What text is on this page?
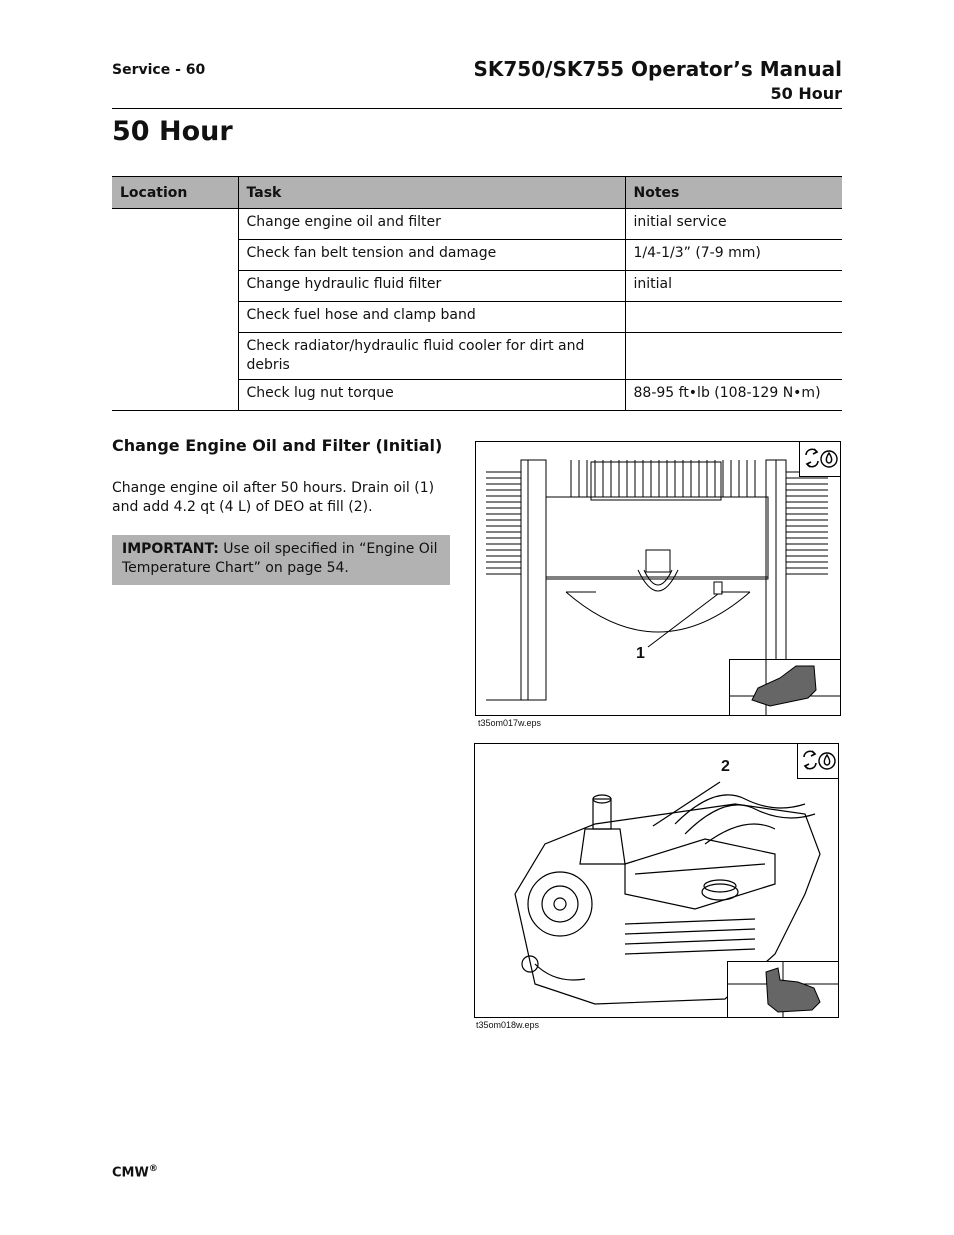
Service - 60	SK750/SK755 Operator’s Manual
50 Hour
50 Hour
Location	Task	Notes
	Change engine oil and filter	initial service
	Check fan belt tension and damage	1/4-1/3” (7-9 mm)
	Change hydraulic fluid filter	initial
	Check fuel hose and clamp band	
	Check radiator/hydraulic fluid cooler for dirt and debris	
	Check lug nut torque	88-95 ft•lb (108-129 N•m)
Change Engine Oil and Filter (Initial)

Change engine oil after 50 hours. Drain oil (1) and add 4.2 qt (4 L) of DEO at fill (2).

IMPORTANT: Use oil specified in “Engine Oil Temperature Chart” on page 54.
1
t35om017w.eps
2
t35om018w.eps
CMW®
